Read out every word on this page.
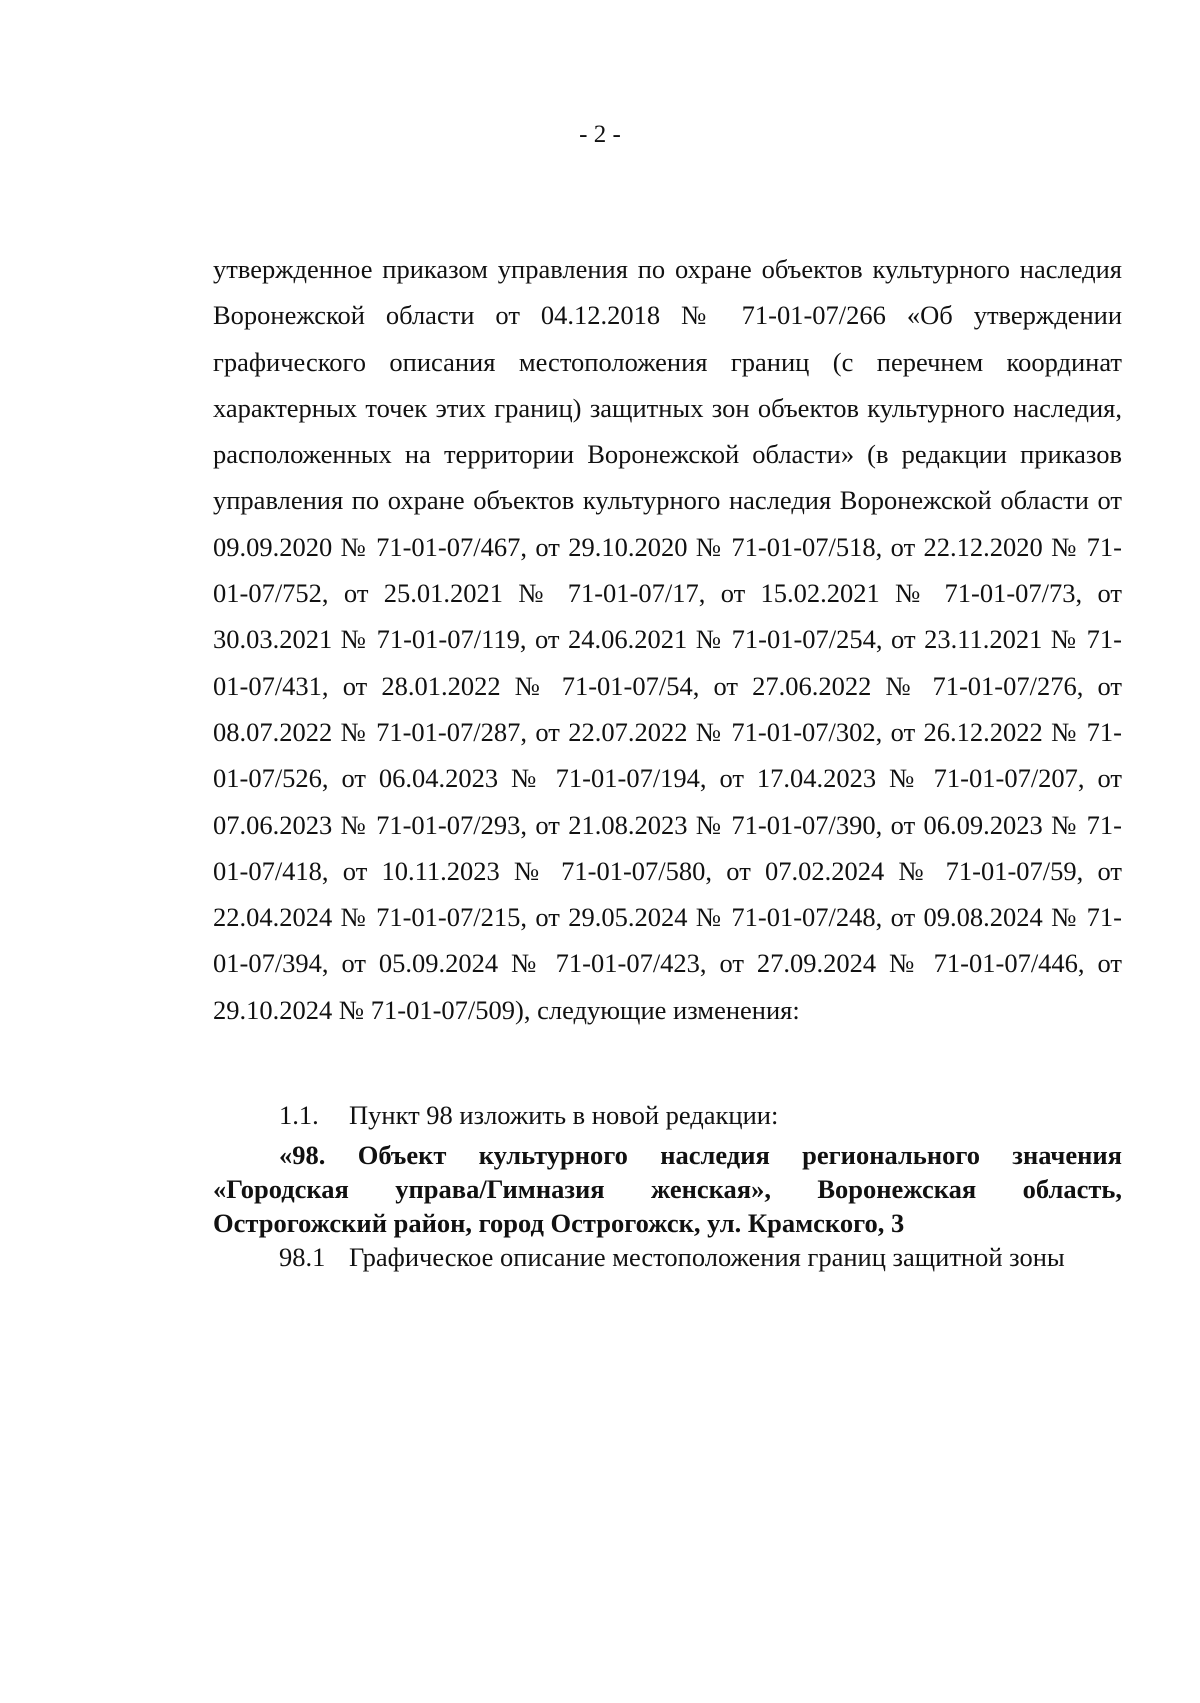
- 2 -

утвержденное приказом управления по охране объектов культурного наследия Воронежской области от 04.12.2018 № 71-01-07/266 «Об утверждении графического описания местоположения границ (с перечнем координат характерных точек этих границ) защитных зон объектов культурного наследия, расположенных на территории Воронежской области» (в редакции приказов управления по охране объектов культурного наследия Воронежской области от 09.09.2020 № 71-01-07/467, от 29.10.2020 № 71-01-07/518, от 22.12.2020 № 71-01-07/752, от 25.01.2021 № 71-01-07/17, от 15.02.2021 № 71-01-07/73, от 30.03.2021 № 71-01-07/119, от 24.06.2021 № 71-01-07/254, от 23.11.2021 № 71-01-07/431, от 28.01.2022 № 71-01-07/54, от 27.06.2022 № 71-01-07/276, от 08.07.2022 № 71-01-07/287, от 22.07.2022 № 71-01-07/302, от 26.12.2022 № 71-01-07/526, от 06.04.2023 № 71-01-07/194, от 17.04.2023 № 71-01-07/207, от 07.06.2023 № 71-01-07/293, от 21.08.2023 № 71-01-07/390, от 06.09.2023 № 71-01-07/418, от 10.11.2023 № 71-01-07/580, от 07.02.2024 № 71-01-07/59, от 22.04.2024 № 71-01-07/215, от 29.05.2024 № 71-01-07/248, от 09.08.2024 № 71-01-07/394, от 05.09.2024 № 71-01-07/423, от 27.09.2024 № 71-01-07/446, от 29.10.2024 № 71-01-07/509), следующие изменения:

1.1. Пункт 98 изложить в новой редакции:
«98. Объект культурного наследия регионального значения «Городская управа/Гимназия женская», Воронежская область, Острогожский район, город Острогожск, ул. Крамского, 3
98.1 Графическое описание местоположения границ защитной зоны
